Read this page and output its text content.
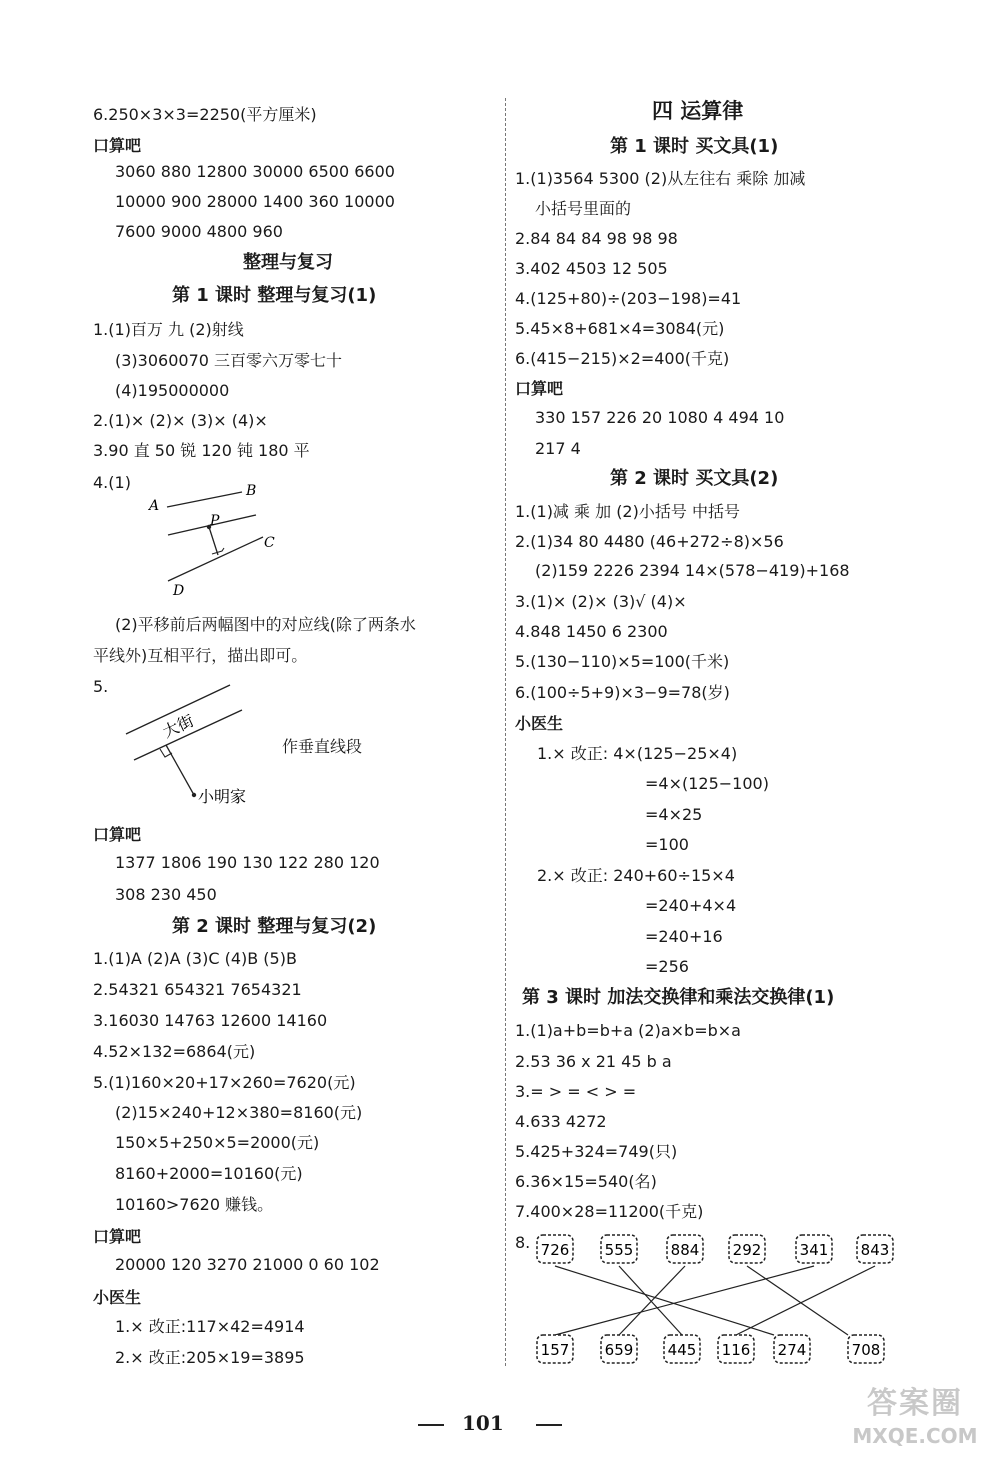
6.250×3×3=2250(平方厘米)
口算吧
3060 880 12800 30000 6500 6600
10000 900 28000 1400 360 10000
7600 9000 4800 960
整理与复习
第 1 课时 整理与复习(1)
1.(1)百万 九 (2)射线
(3)3060070 三百零六万零七十
(4)195000000
2.(1)× (2)× (3)× (4)×
3.90 直 50 锐 120 钝 180 平
4.(1)
A
B
P
C
D
(2)平移前后两幅图中的对应线(除了两条水
平线外)互相平行，描出即可。
5.
大街
小明家
作垂直线段
口算吧
1377 1806 190 130 122 280 120
308 230 450
第 2 课时 整理与复习(2)
1.(1)A (2)A (3)C (4)B (5)B
2.54321 654321 7654321
3.16030 14763 12600 14160
4.52×132=6864(元)
5.(1)160×20+17×260=7620(元)
(2)15×240+12×380=8160(元)
150×5+250×5=2000(元)
8160+2000=10160(元)
10160>7620 赚钱。
口算吧
20000 120 3270 21000 0 60 102
小医生
1.× 改正:117×42=4914
2.× 改正:205×19=3895
四 运算律
第 1 课时 买文具(1)
1.(1)3564 5300 (2)从左往右 乘除 加减
小括号里面的
2.84 84 84 98 98 98
3.402 4503 12 505
4.(125+80)÷(203−198)=41
5.45×8+681×4=3084(元)
6.(415−215)×2=400(千克)
口算吧
330 157 226 20 1080 4 494 10
217 4
第 2 课时 买文具(2)
1.(1)减 乘 加 (2)小括号 中括号
2.(1)34 80 4480 (46+272÷8)×56
(2)159 2226 2394 14×(578−419)+168
3.(1)× (2)× (3)√ (4)×
4.848 1450 6 2300
5.(130−110)×5=100(千米)
6.(100÷5+9)×3−9=78(岁)
小医生
1.× 改正: 4×(125−25×4)
=4×(125−100)
=4×25
=100
2.× 改正: 240+60÷15×4
=240+4×4
=240+16
=256
第 3 课时 加法交换律和乘法交换律(1)
1.(1)a+b=b+a (2)a×b=b×a
2.53 36 x 21 45 b a
3.= > = < > =
4.633 4272
5.425+324=749(只)
6.36×15=540(名)
7.400×28=11200(千克)
8. 726 555 884 292	341 843
157 659 445 116 274	708
101
答案圈
MXQE.COM
